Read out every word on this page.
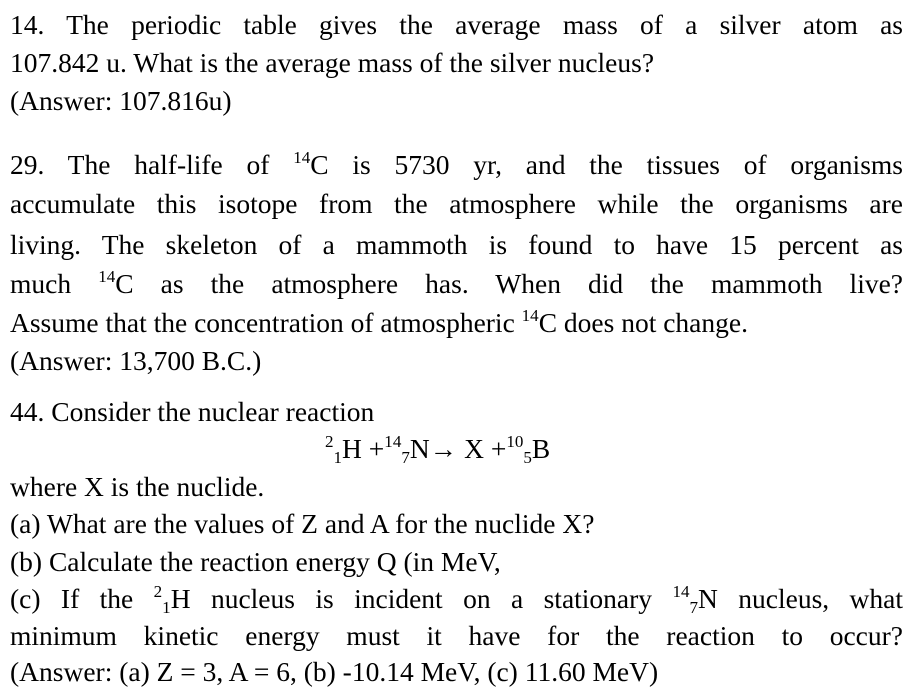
14. The periodic table gives the average mass of a silver atom as
107.842 u. What is the average mass of the silver nucleus?
(Answer: 107.816u)
29. The half-life of $^{14}$C is 5730 yr, and the tissues of organisms
accumulate this isotope from the atmosphere while the organisms are
living. The skeleton of a mammoth is found to have 15 percent as
much $^{14}$C as the atmosphere has. When did the mammoth live?
Assume that the concentration of atmospheric $^{14}$C does not change.
(Answer: 13,700 B.C.)
44. Consider the nuclear reaction
$^2_1$H +$^{14}_7$N→ X +$^{10}_5$B
where X is the nuclide.
(a) What are the values of Z and A for the nuclide X?
(b) Calculate the reaction energy Q (in MeV,
(c) If the $^2_1$H nucleus is incident on a stationary $^{14}_7$N nucleus, what
minimum kinetic energy must it have for the reaction to occur?
(Answer: (a) Z = 3, A = 6, (b) -10.14 MeV, (c) 11.60 MeV)
